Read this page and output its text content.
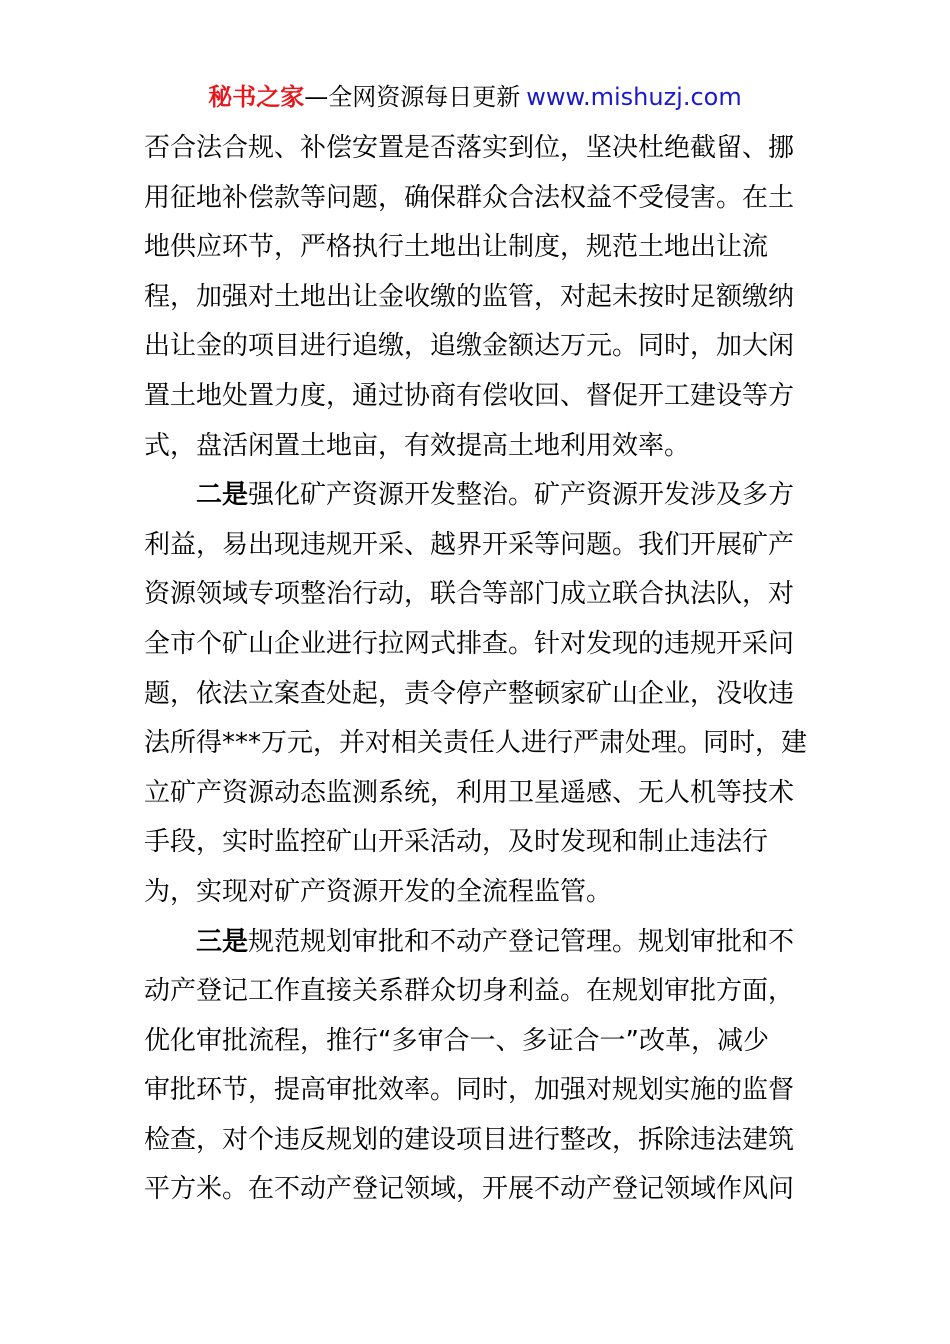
秘书之家—全网资源每日更新 www.mishuzj.com
否合法合规、补偿安置是否落实到位，坚决杜绝截留、挪
用征地补偿款等问题，确保群众合法权益不受侵害。在土
地供应环节，严格执行土地出让制度，规范土地出让流
程，加强对土地出让金收缴的监管，对起未按时足额缴纳
出让金的项目进行追缴，追缴金额达万元。同时，加大闲
置土地处置力度，通过协商有偿收回、督促开工建设等方
式，盘活闲置土地亩，有效提高土地利用效率。
二是强化矿产资源开发整治。矿产资源开发涉及多方
利益，易出现违规开采、越界开采等问题。我们开展矿产
资源领域专项整治行动，联合等部门成立联合执法队，对
全市个矿山企业进行拉网式排查。针对发现的违规开采问
题，依法立案查处起，责令停产整顿家矿山企业，没收违
法所得***万元，并对相关责任人进行严肃处理。同时，建
立矿产资源动态监测系统，利用卫星遥感、无人机等技术
手段，实时监控矿山开采活动，及时发现和制止违法行
为，实现对矿产资源开发的全流程监管。
三是规范规划审批和不动产登记管理。规划审批和不
动产登记工作直接关系群众切身利益。在规划审批方面，
优化审批流程，推行“多审合一、多证合一”改革，减少
审批环节，提高审批效率。同时，加强对规划实施的监督
检查，对个违反规划的建设项目进行整改，拆除违法建筑
平方米。在不动产登记领域，开展不动产登记领域作风问
